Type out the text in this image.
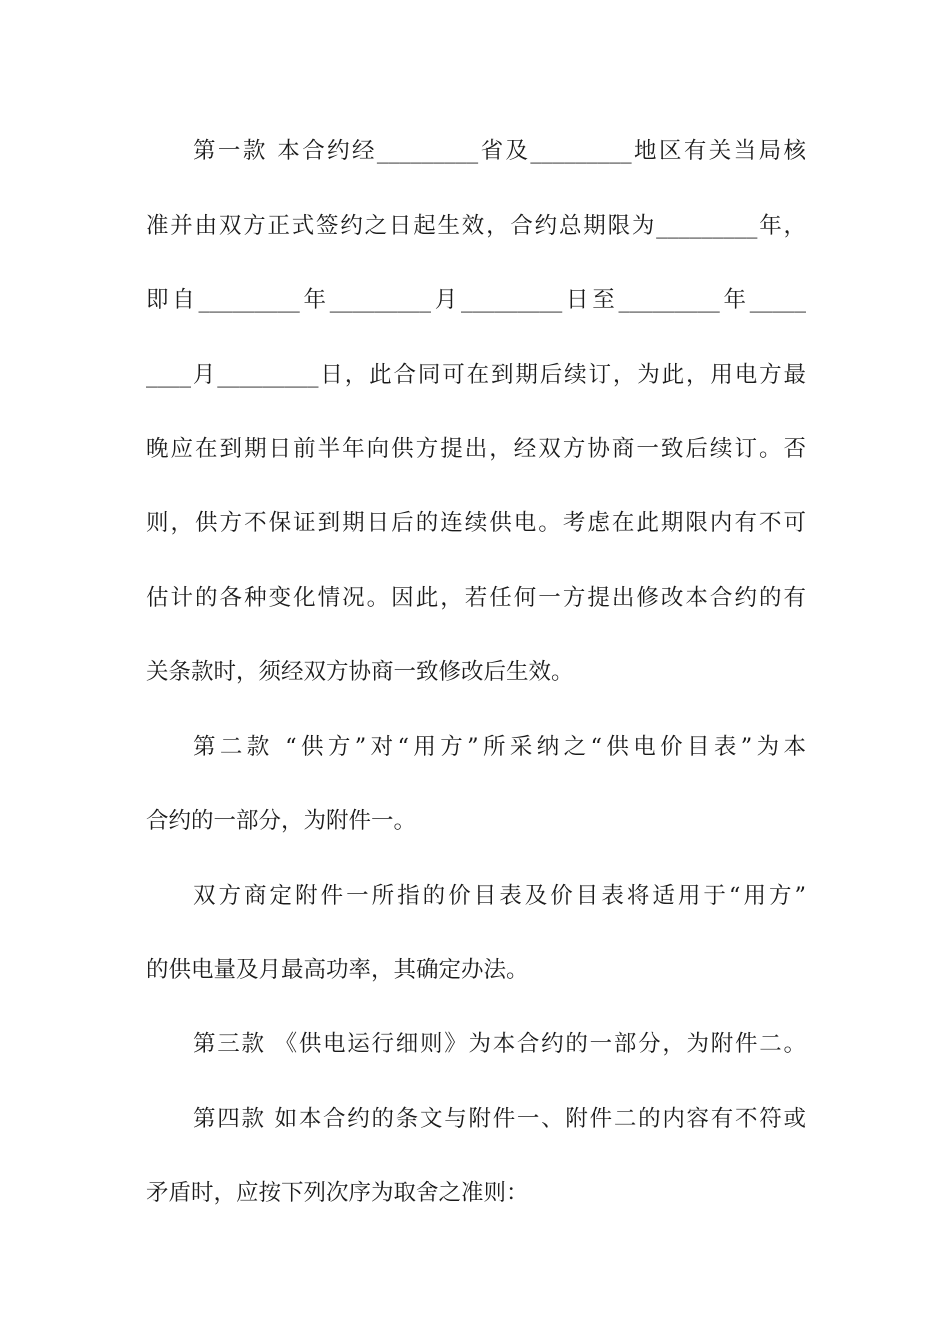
第一款 本合约经_________省及_________地区有关当局核
准并由双方正式签约之日起生效，合约总期限为_________年，
即自_________年_________月_________日至_________年_____
____月_________日，此合同可在到期后续订，为此，用电方最
晚应在到期日前半年向供方提出，经双方协商一致后续订。否
则，供方不保证到期日后的连续供电。考虑在此期限内有不可
估计的各种变化情况。因此，若任何一方提出修改本合约的有
关条款时，须经双方协商一致修改后生效。
第二款 “供方”对“用方”所采纳之“供电价目表”为本
合约的一部分，为附件一。
双方商定附件一所指的价目表及价目表将适用于“用方”
的供电量及月最高功率，其确定办法。
第三款 《供电运行细则》为本合约的一部分，为附件二。
第四款 如本合约的条文与附件一、附件二的内容有不符或
矛盾时，应按下列次序为取舍之准则：
